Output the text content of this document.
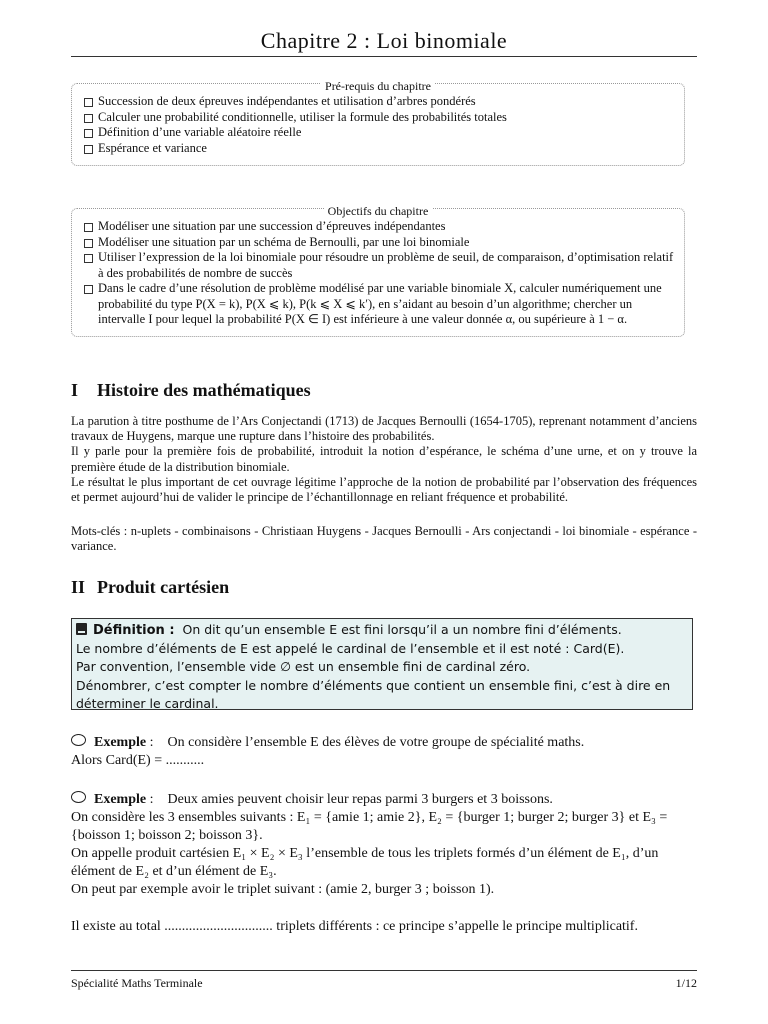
Chapitre 2 : Loi binomiale
Pré-requis du chapitre
Succession de deux épreuves indépendantes et utilisation d’arbres pondérés
Calculer une probabilité conditionnelle, utiliser la formule des probabilités totales
Définition d’une variable aléatoire réelle
Espérance et variance
Objectifs du chapitre
Modéliser une situation par une succession d’épreuves indépendantes
Modéliser une situation par un schéma de Bernoulli, par une loi binomiale
Utiliser l’expression de la loi binomiale pour résoudre un problème de seuil, de comparaison, d’optimisation relatif à des probabilités de nombre de succès
Dans le cadre d’une résolution de problème modélisé par une variable binomiale X, calculer numériquement une probabilité du type P(X = k), P(X ⩽ k), P(k ⩽ X ⩽ k′), en s’aidant au besoin d’un algorithme; chercher un intervalle I pour lequel la probabilité P(X ∈ I) est inférieure à une valeur donnée α, ou supérieure à 1 − α.
I Histoire des mathématiques

La parution à titre posthume de l’Ars Conjectandi (1713) de Jacques Bernoulli (1654-1705), reprenant notamment d’anciens travaux de Huygens, marque une rupture dans l’histoire des probabilités.

Il y parle pour la première fois de probabilité, introduit la notion d’espérance, le schéma d’une urne, et on y trouve la première étude de la distribution binomiale.

Le résultat le plus important de cet ouvrage légitime l’approche de la notion de probabilité par l’observation des fréquences et permet aujourd’hui de valider le principe de l’échantillonnage en reliant fréquence et probabilité.

Mots-clés : n-uplets - combinaisons - Christiaan Huygens - Jacques Bernoulli - Ars conjectandi - loi binomiale - espérance - variance.
II Produit cartésien
Définition : On dit qu’un ensemble E est fini lorsqu’il a un nombre fini d’éléments.
Le nombre d’éléments de E est appelé le cardinal de l’ensemble et il est noté : Card(E).
Par convention, l’ensemble vide ∅ est un ensemble fini de cardinal zéro.
Dénombrer, c’est compter le nombre d’éléments que contient un ensemble fini, c’est à dire en déterminer le cardinal.

Exemple :    On considère l’ensemble E des élèves de votre groupe de spécialité maths.

Alors Card(E) = ...........

Exemple :    Deux amies peuvent choisir leur repas parmi 3 burgers et 3 boissons.

On considère les 3 ensembles suivants : E₁ = {amie 1; amie 2}, E₂ = {burger 1; burger 2; burger 3} et E₃ = {boisson 1; boisson 2; boisson 3}.

On appelle produit cartésien E₁ × E₂ × E₃ l’ensemble de tous les triplets formés d’un élément de E₁, d’un élément de E₂ et d’un élément de E₃.

On peut par exemple avoir le triplet suivant : (amie 2, burger 3 ; boisson 1).

Il existe au total ............................... triplets différents : ce principe s’appelle le principe multiplicatif.
Spécialité Maths Terminale	1/12
